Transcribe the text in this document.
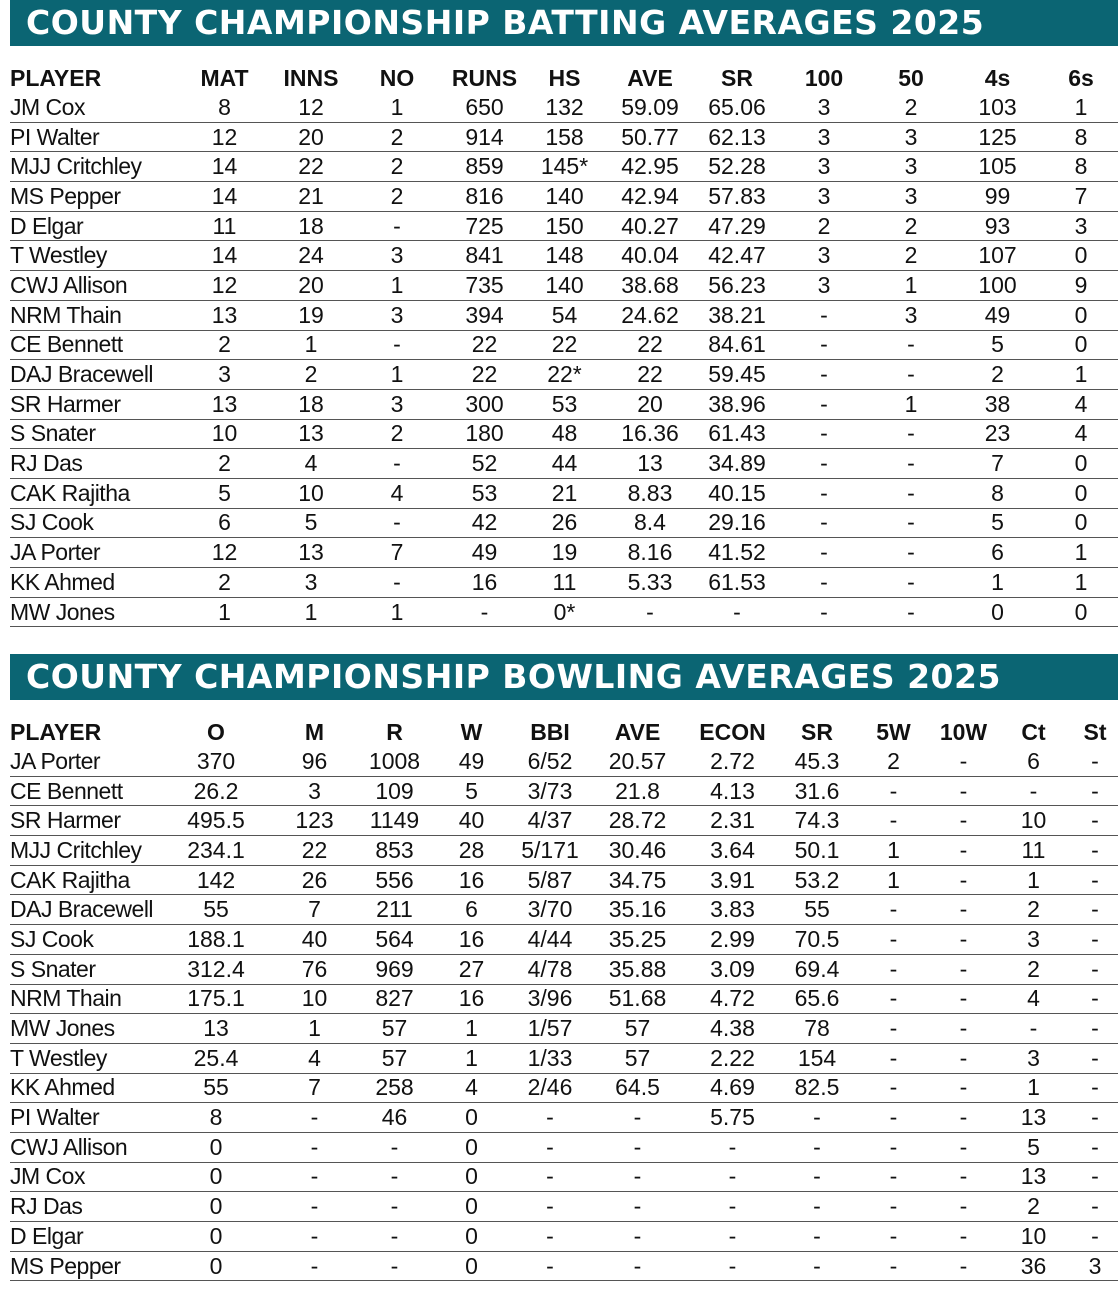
COUNTY CHAMPIONSHIP BATTING AVERAGES 2025
PLAYER	MAT	INNS	NO	RUNS	HS	AVE	SR	100	50	4s	6s
JM Cox	8	12	1	650	132	59.09	65.06	3	2	103	1
PI Walter	12	20	2	914	158	50.77	62.13	3	3	125	8
MJJ Critchley	14	22	2	859	145*	42.95	52.28	3	3	105	8
MS Pepper	14	21	2	816	140	42.94	57.83	3	3	99	7
D Elgar	11	18	-	725	150	40.27	47.29	2	2	93	3
T Westley	14	24	3	841	148	40.04	42.47	3	2	107	0
CWJ Allison	12	20	1	735	140	38.68	56.23	3	1	100	9
NRM Thain	13	19	3	394	54	24.62	38.21	-	3	49	0
CE Bennett	2	1	-	22	22	22	84.61	-	-	5	0
DAJ Bracewell	3	2	1	22	22*	22	59.45	-	-	2	1
SR Harmer	13	18	3	300	53	20	38.96	-	1	38	4
S Snater	10	13	2	180	48	16.36	61.43	-	-	23	4
RJ Das	2	4	-	52	44	13	34.89	-	-	7	0
CAK Rajitha	5	10	4	53	21	8.83	40.15	-	-	8	0
SJ Cook	6	5	-	42	26	8.4	29.16	-	-	5	0
JA Porter	12	13	7	49	19	8.16	41.52	-	-	6	1
KK Ahmed	2	3	-	16	11	5.33	61.53	-	-	1	1
MW Jones	1	1	1	-	0*	-	-	-	-	0	0
COUNTY CHAMPIONSHIP BOWLING AVERAGES 2025
PLAYER	O	M	R	W	BBI	AVE	ECON	SR	5W	10W	Ct	St
JA Porter	370	96	1008	49	6/52	20.57	2.72	45.3	2	-	6	-
CE Bennett	26.2	3	109	5	3/73	21.8	4.13	31.6	-	-	-	-
SR Harmer	495.5	123	1149	40	4/37	28.72	2.31	74.3	-	-	10	-
MJJ Critchley	234.1	22	853	28	5/171	30.46	3.64	50.1	1	-	11	-
CAK Rajitha	142	26	556	16	5/87	34.75	3.91	53.2	1	-	1	-
DAJ Bracewell	55	7	211	6	3/70	35.16	3.83	55	-	-	2	-
SJ Cook	188.1	40	564	16	4/44	35.25	2.99	70.5	-	-	3	-
S Snater	312.4	76	969	27	4/78	35.88	3.09	69.4	-	-	2	-
NRM Thain	175.1	10	827	16	3/96	51.68	4.72	65.6	-	-	4	-
MW Jones	13	1	57	1	1/57	57	4.38	78	-	-	-	-
T Westley	25.4	4	57	1	1/33	57	2.22	154	-	-	3	-
KK Ahmed	55	7	258	4	2/46	64.5	4.69	82.5	-	-	1	-
PI Walter	8	-	46	0	-	-	5.75	-	-	-	13	-
CWJ Allison	0	-	-	0	-	-	-	-	-	-	5	-
JM Cox	0	-	-	0	-	-	-	-	-	-	13	-
RJ Das	0	-	-	0	-	-	-	-	-	-	2	-
D Elgar	0	-	-	0	-	-	-	-	-	-	10	-
MS Pepper	0	-	-	0	-	-	-	-	-	-	36	3
